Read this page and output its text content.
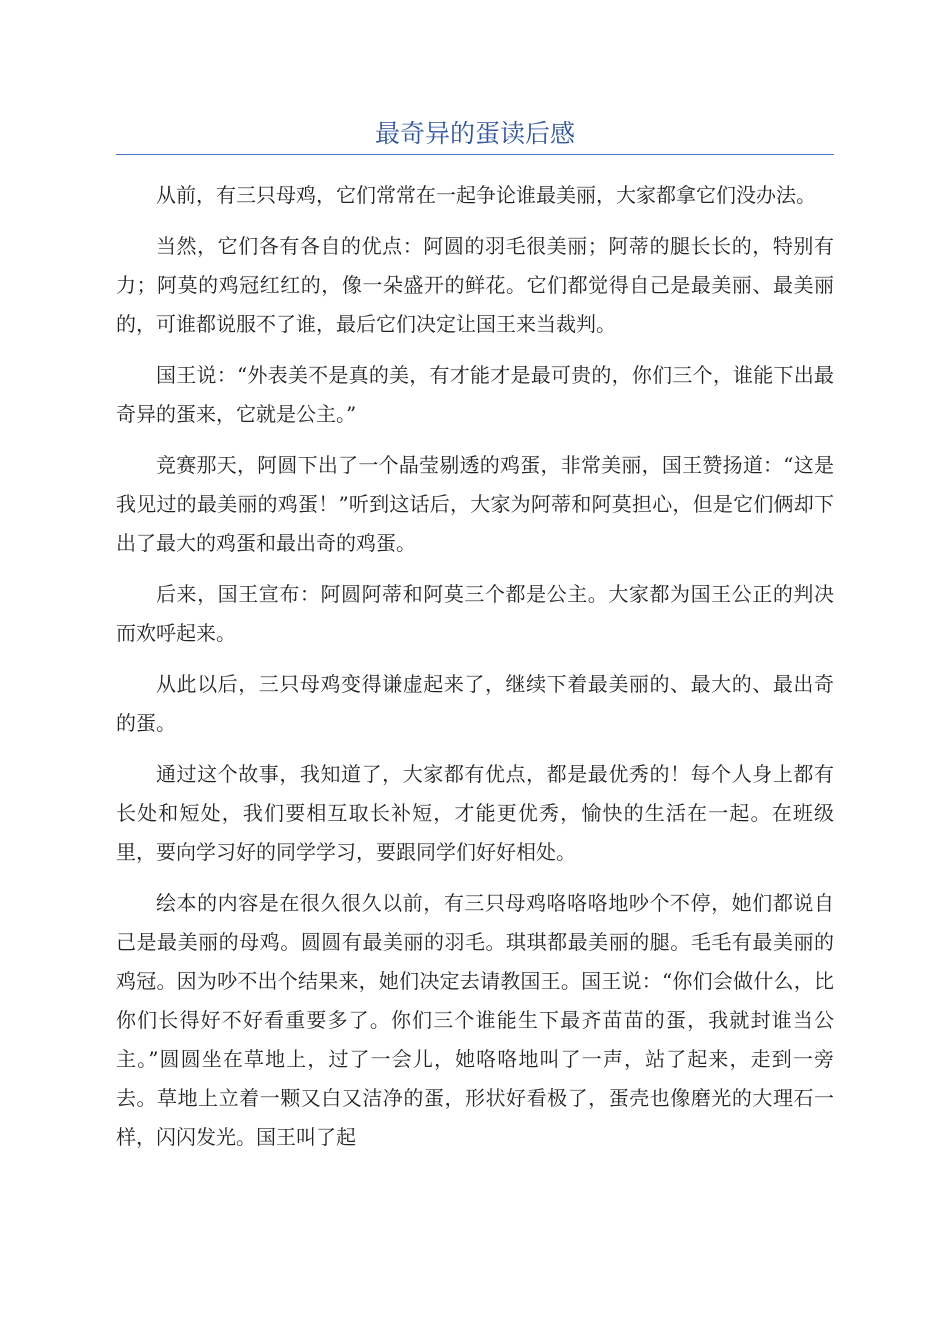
最奇异的蛋读后感

从前，有三只母鸡，它们常常在一起争论谁最美丽，大家都拿它们没办法。

当然，它们各有各自的优点：阿圆的羽毛很美丽；阿蒂的腿长长的，特别有力；阿莫的鸡冠红红的，像一朵盛开的鲜花。它们都觉得自己是最美丽、最美丽的，可谁都说服不了谁，最后它们决定让国王来当裁判。

国王说：“外表美不是真的美，有才能才是最可贵的，你们三个，谁能下出最奇异的蛋来，它就是公主。”

竞赛那天，阿圆下出了一个晶莹剔透的鸡蛋，非常美丽，国王赞扬道：“这是我见过的最美丽的鸡蛋！”听到这话后，大家为阿蒂和阿莫担心，但是它们俩却下出了最大的鸡蛋和最出奇的鸡蛋。

后来，国王宣布：阿圆阿蒂和阿莫三个都是公主。大家都为国王公正的判决而欢呼起来。

从此以后，三只母鸡变得谦虚起来了，继续下着最美丽的、最大的、最出奇的蛋。

通过这个故事，我知道了，大家都有优点，都是最优秀的！每个人身上都有长处和短处，我们要相互取长补短，才能更优秀，愉快的生活在一起。在班级里，要向学习好的同学学习，要跟同学们好好相处。

绘本的内容是在很久很久以前，有三只母鸡咯咯咯地吵个不停，她们都说自己是最美丽的母鸡。圆圆有最美丽的羽毛。琪琪都最美丽的腿。毛毛有最美丽的鸡冠。因为吵不出个结果来，她们决定去请教国王。国王说：“你们会做什么，比你们长得好不好看重要多了。你们三个谁能生下最齐苗苗的蛋，我就封谁当公主。”圆圆坐在草地上，过了一会儿，她咯咯地叫了一声，站了起来，走到一旁去。草地上立着一颗又白又洁净的蛋，形状好看极了，蛋壳也像磨光的大理石一样，闪闪发光。国王叫了起
